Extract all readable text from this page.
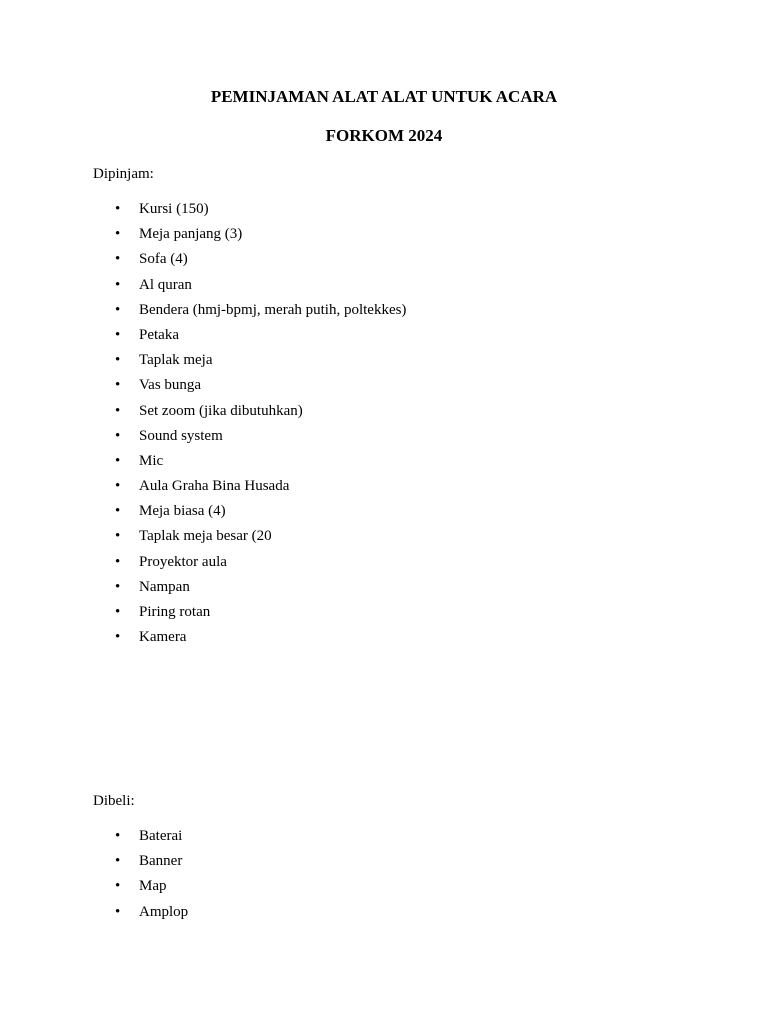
PEMINJAMAN ALAT ALAT UNTUK ACARA
FORKOM 2024

Dipinjam:

• Kursi (150)
• Meja panjang (3)
• Sofa (4)
• Al quran
• Bendera (hmj-bpmj, merah putih, poltekkes)
• Petaka
• Taplak meja
• Vas bunga
• Set zoom (jika dibutuhkan)
• Sound system
• Mic
• Aula Graha Bina Husada
• Meja biasa (4)
• Taplak meja besar (20
• Proyektor aula
• Nampan
• Piring rotan
• Kamera

Dibeli:

• Baterai
• Banner
• Map
• Amplop
